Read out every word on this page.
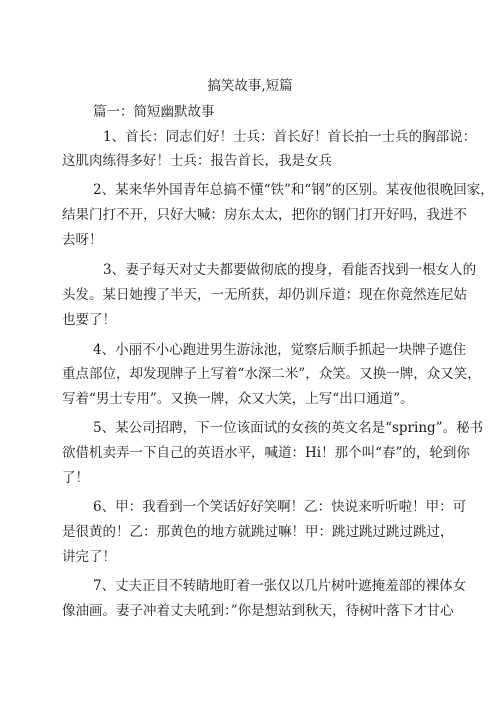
搞笑故事,短篇
篇一：简短幽默故事
1、首长：同志们好！士兵：首长好！首长拍一士兵的胸部说：
这肌肉练得多好！士兵：报告首长，我是女兵
2、某来华外国青年总搞不懂“铁”和“钢”的区别。某夜他很晚回家，
结果门打不开，只好大喊：房东太太，把你的钢门打开好吗，我进不
去呀！
3、妻子每天对丈夫都要做彻底的搜身，看能否找到一根女人的
头发。某日她搜了半天，一无所获，却仍训斥道：现在你竟然连尼姑
也要了！
4、小丽不小心跑进男生游泳池，觉察后顺手抓起一块牌子遮住
重点部位，却发现牌子上写着“水深二米”，众笑。又换一牌，众又笑，
写着“男士专用”。又换一牌，众又大笑，上写“出口通道”。
5、某公司招聘，下一位该面试的女孩的英文名是“spring”。秘书
欲借机卖弄一下自己的英语水平，喊道：Hi！那个叫“春”的，轮到你
了！
6、甲：我看到一个笑话好好笑啊！乙：快说来听听啦！甲：可
是很黄的！乙：那黄色的地方就跳过嘛！甲：跳过跳过跳过跳过，
讲完了！
7、丈夫正目不转睛地盯着一张仅以几片树叶遮掩羞部的裸体女
像油画。妻子冲着丈夫吼到：”你是想站到秋天，待树叶落下才甘心
